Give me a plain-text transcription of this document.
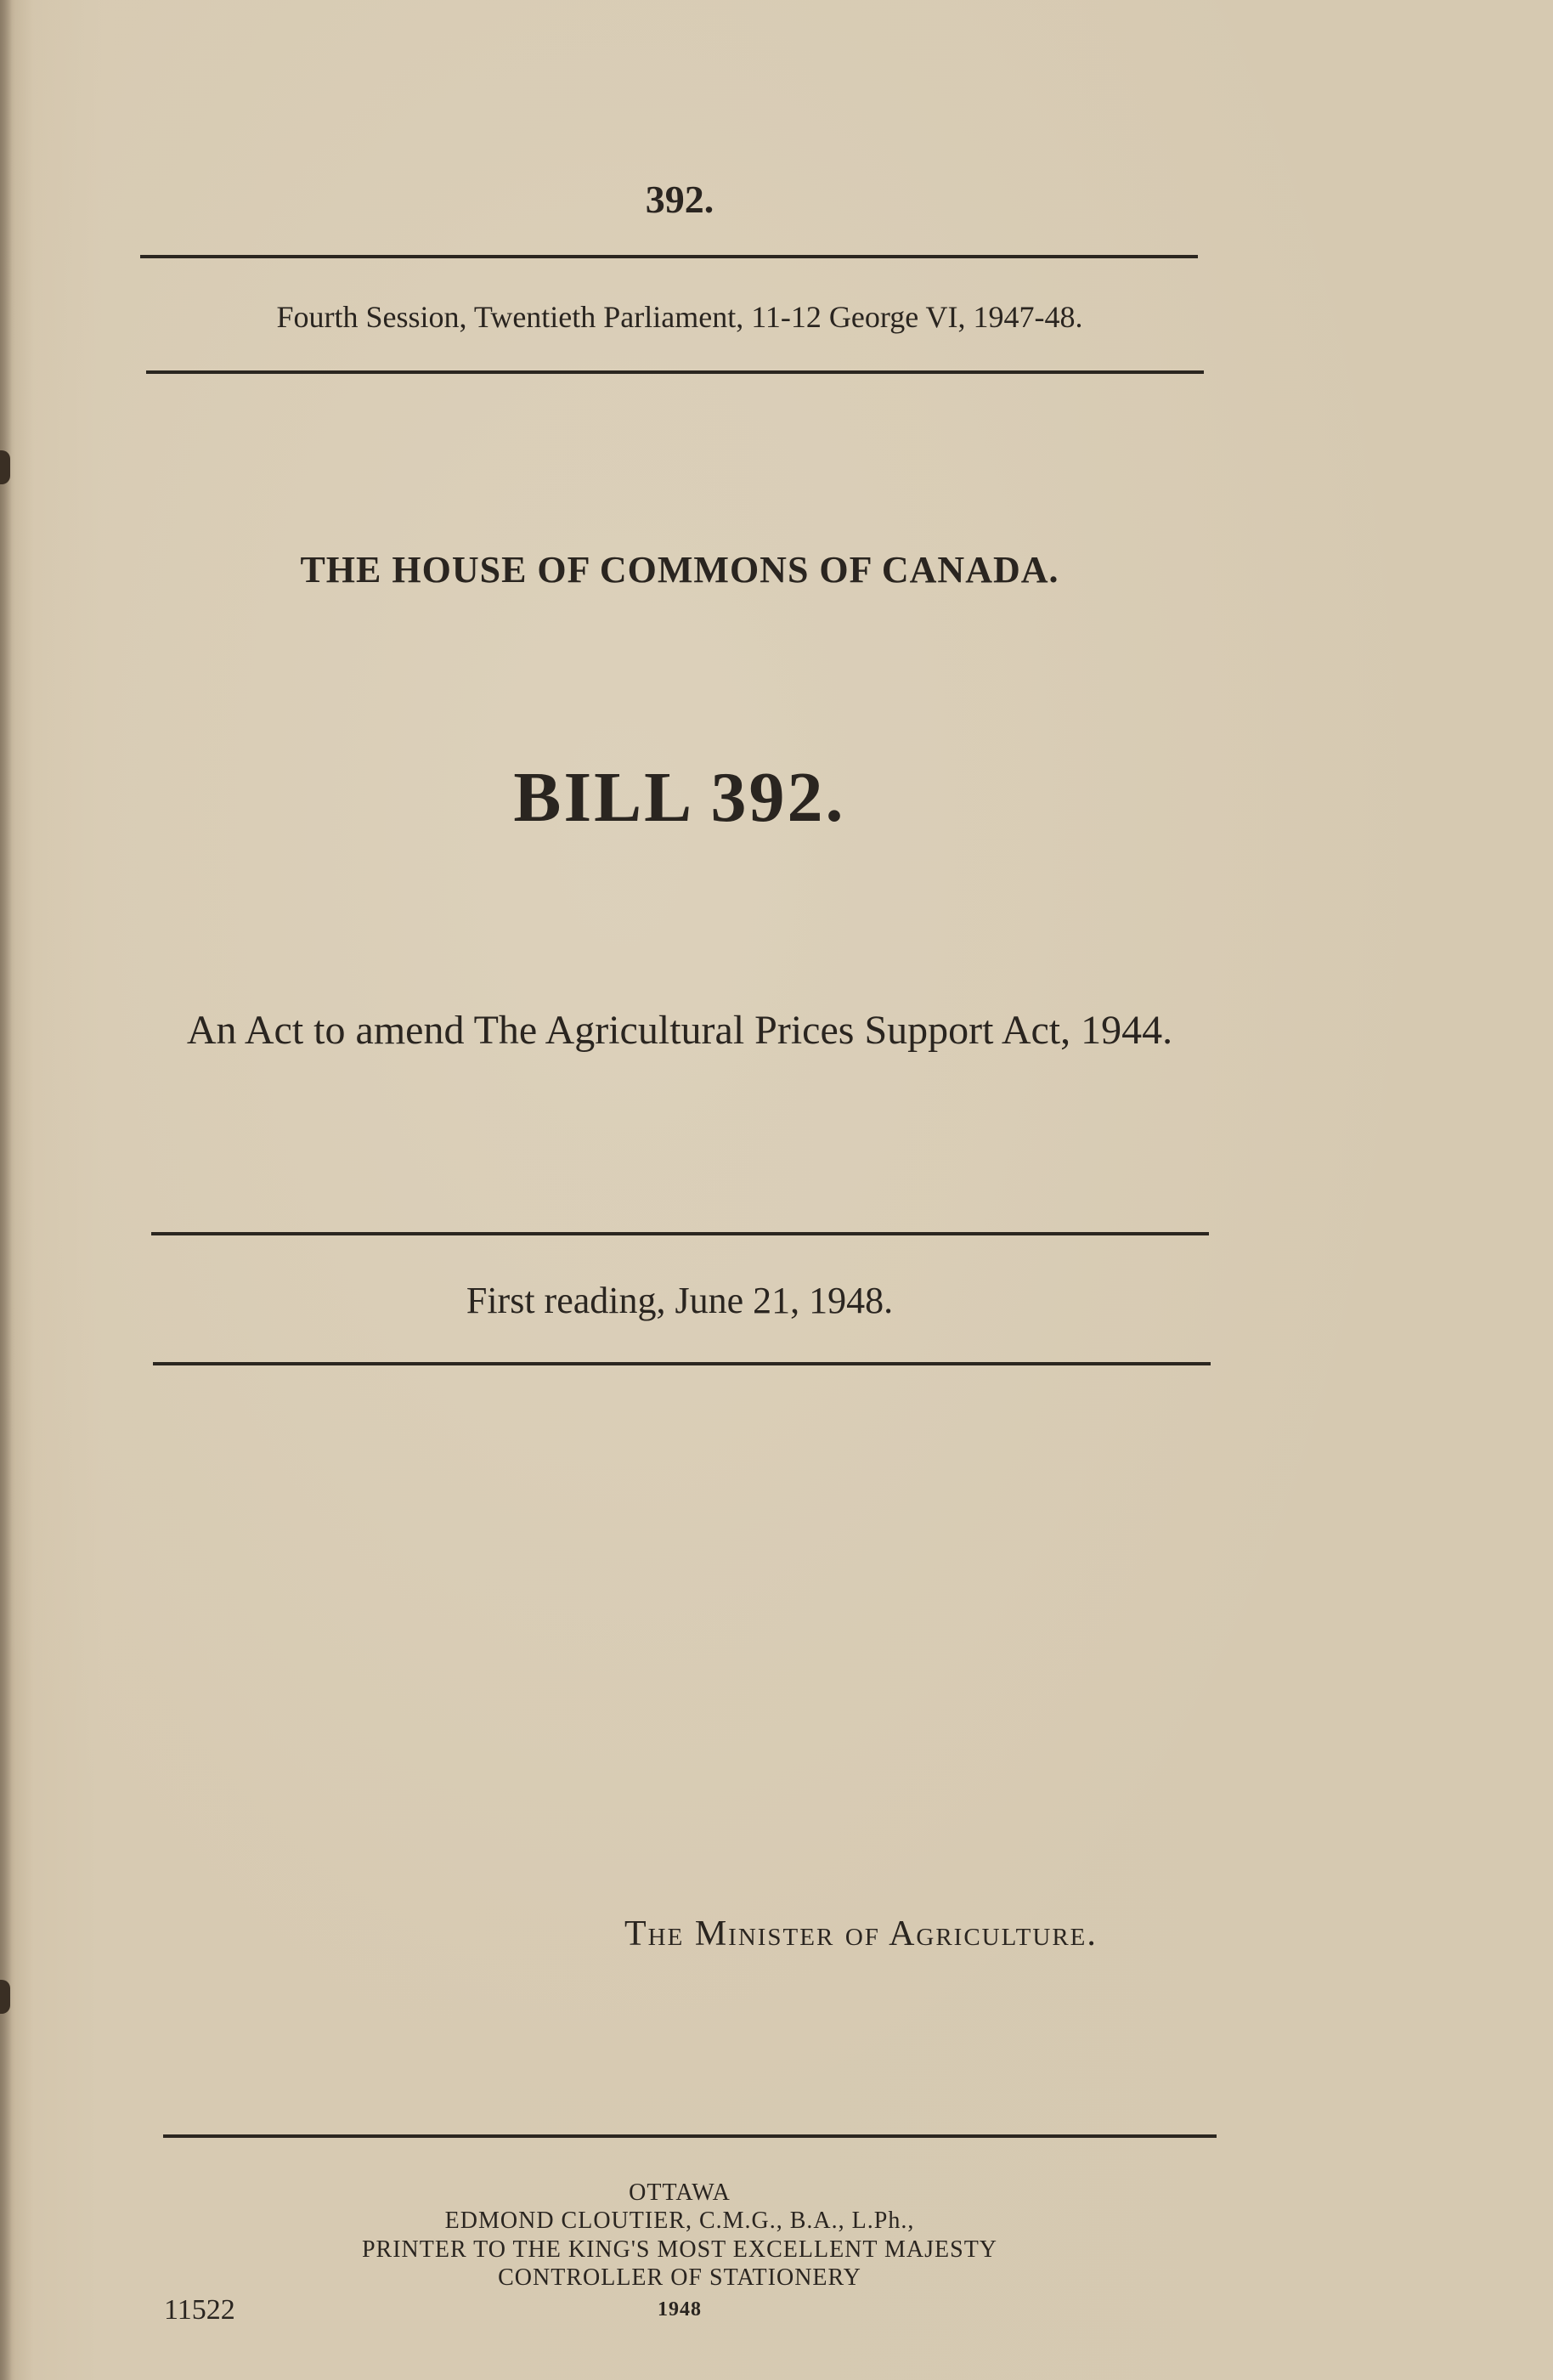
392.

Fourth Session, Twentieth Parliament, 11-12 George VI, 1947-48.

THE HOUSE OF COMMONS OF CANADA.

BILL 392.

An Act to amend The Agricultural Prices Support Act, 1944.

First reading, June 21, 1948.

The Minister of Agriculture.

OTTAWA

EDMOND CLOUTIER, C.M.G., B.A., L.Ph.,

PRINTER TO THE KING'S MOST EXCELLENT MAJESTY

CONTROLLER OF STATIONERY

1948

11522
